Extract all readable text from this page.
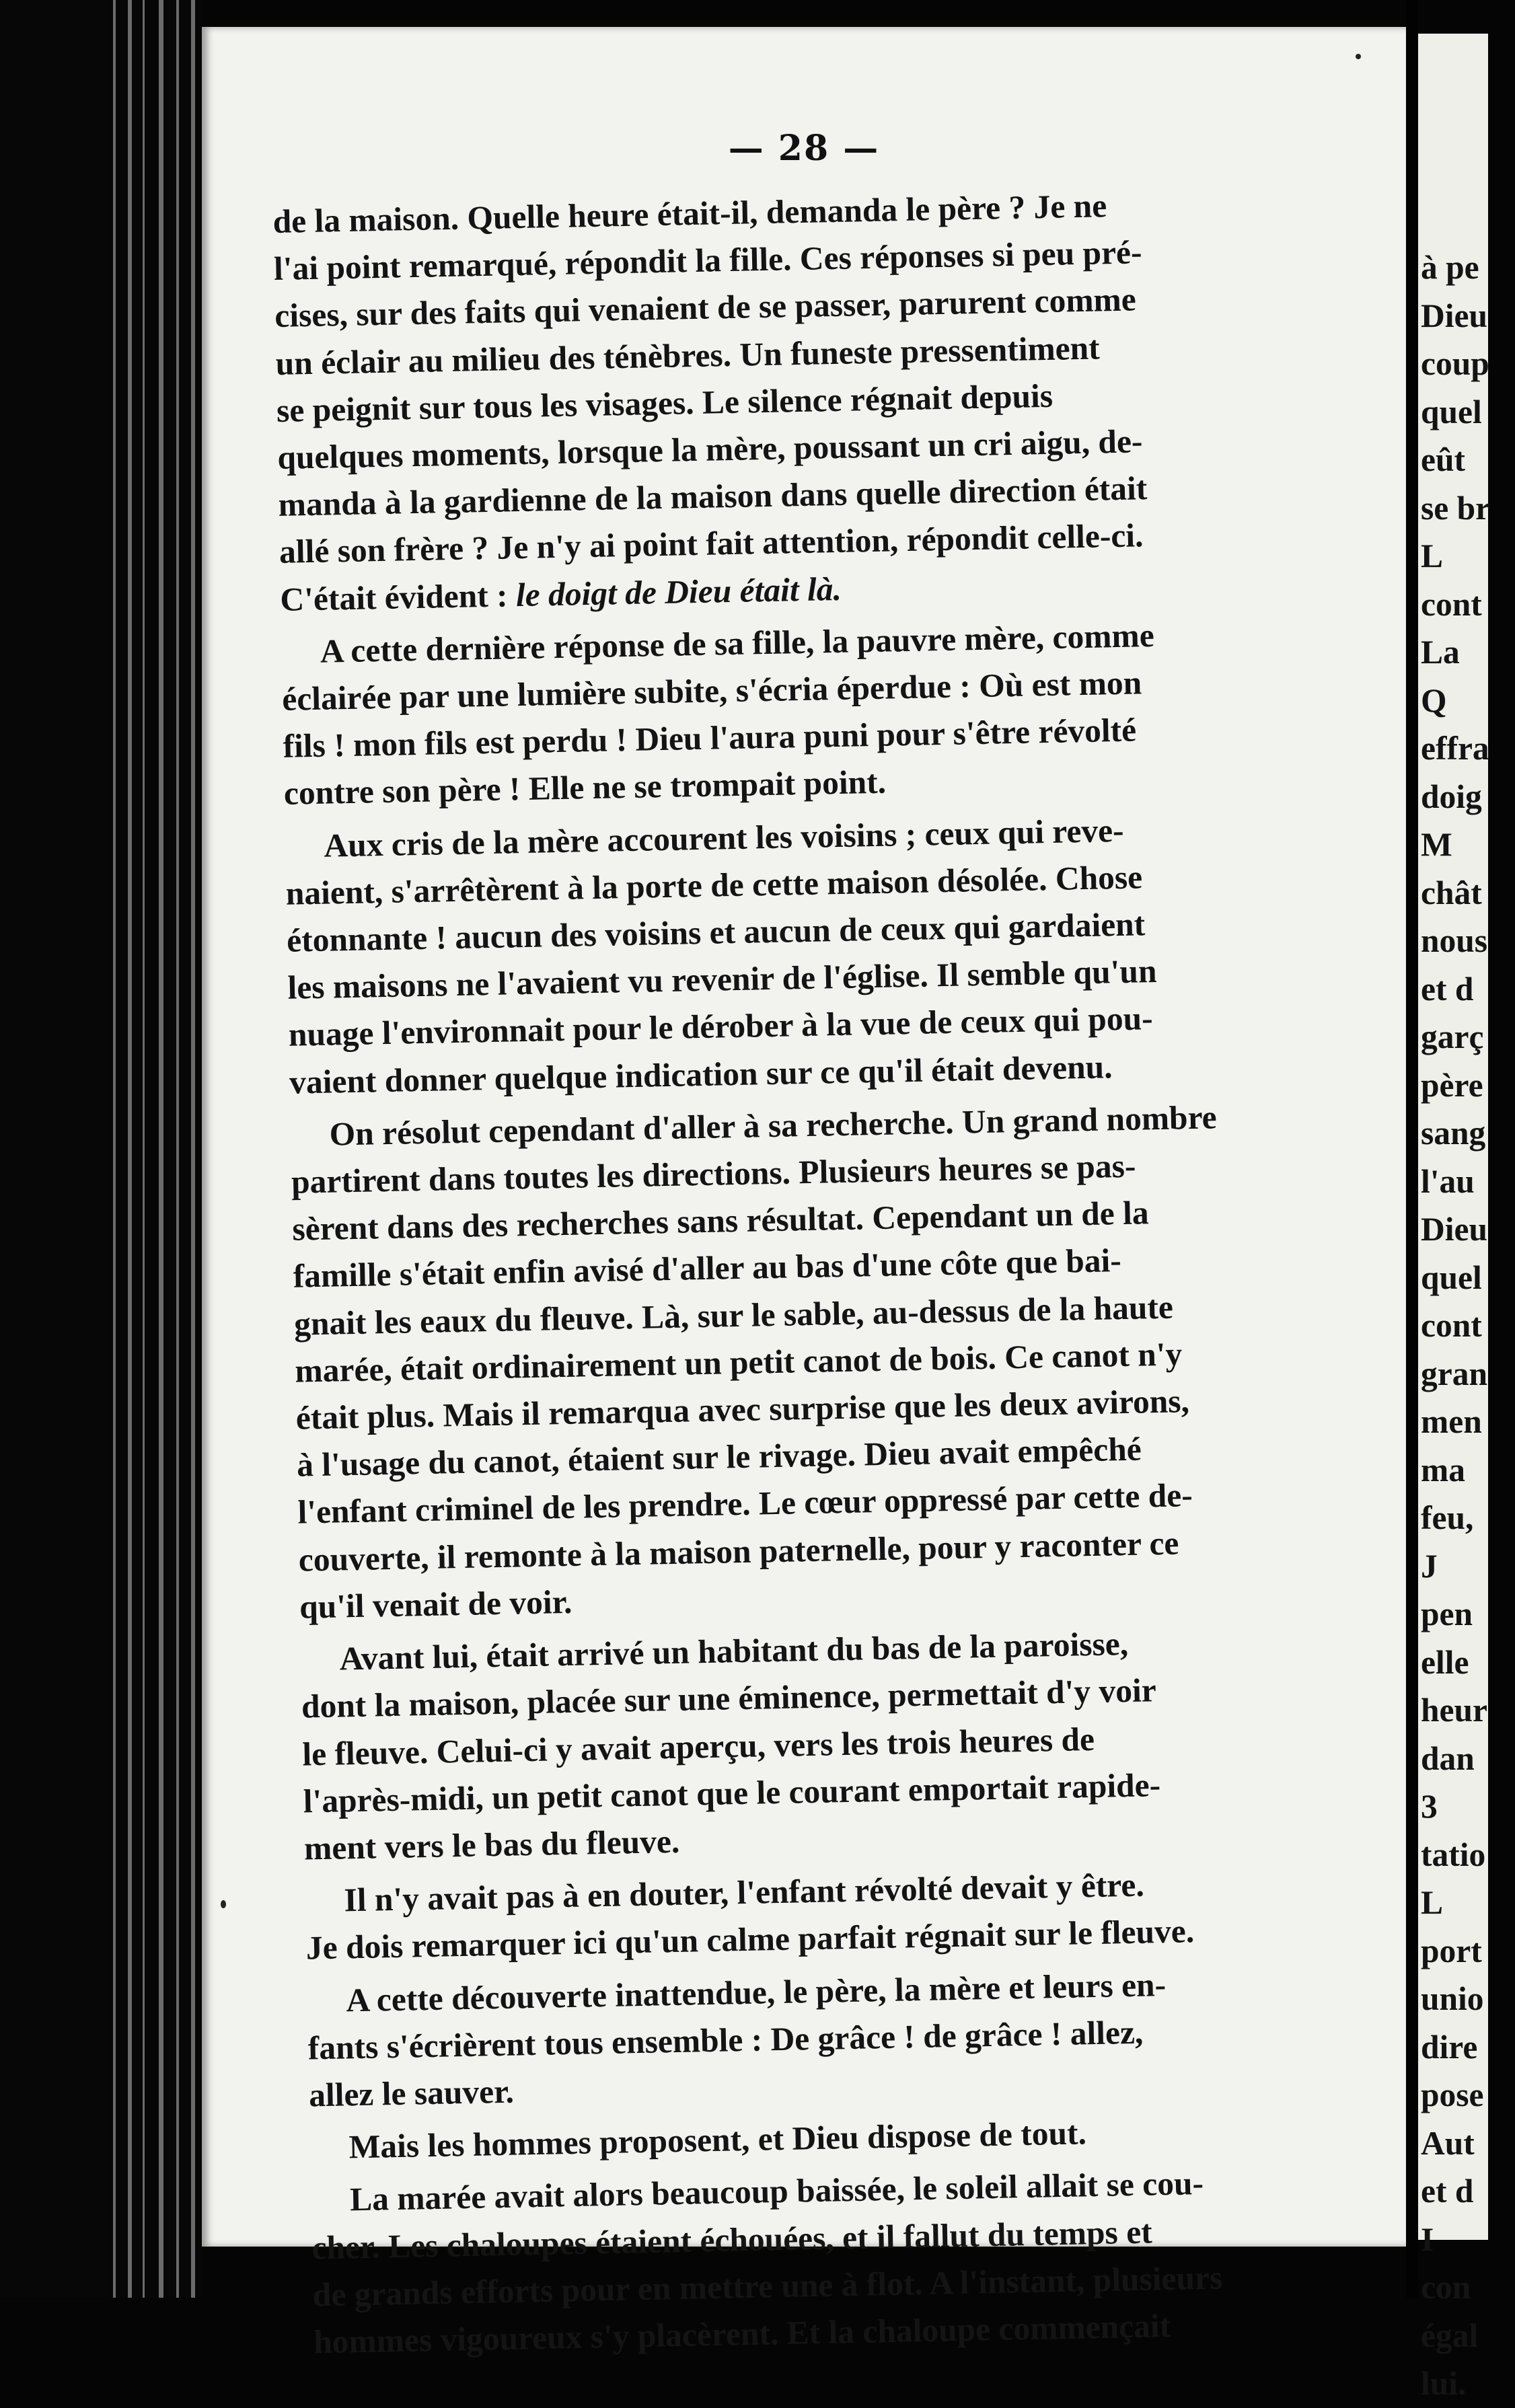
— 28 —
de la maison. Quelle heure était-il, demanda le père ? Je ne
l'ai point remarqué, répondit la fille. Ces réponses si peu pré-
cises, sur des faits qui venaient de se passer, parurent comme
un éclair au milieu des ténèbres. Un funeste pressentiment
se peignit sur tous les visages. Le silence régnait depuis
quelques moments, lorsque la mère, poussant un cri aigu, de-
manda à la gardienne de la maison dans quelle direction était
allé son frère ? Je n'y ai point fait attention, répondit celle-ci.
C'était évident : le doigt de Dieu était là.
A cette dernière réponse de sa fille, la pauvre mère, comme
éclairée par une lumière subite, s'écria éperdue : Où est mon
fils ! mon fils est perdu ! Dieu l'aura puni pour s'être révolté
contre son père ! Elle ne se trompait point.
Aux cris de la mère accourent les voisins ; ceux qui reve-
naient, s'arrêtèrent à la porte de cette maison désolée. Chose
étonnante ! aucun des voisins et aucun de ceux qui gardaient
les maisons ne l'avaient vu revenir de l'église. Il semble qu'un
nuage l'environnait pour le dérober à la vue de ceux qui pou-
vaient donner quelque indication sur ce qu'il était devenu.
On résolut cependant d'aller à sa recherche. Un grand nombre
partirent dans toutes les directions. Plusieurs heures se pas-
sèrent dans des recherches sans résultat. Cependant un de la
famille s'était enfin avisé d'aller au bas d'une côte que bai-
gnait les eaux du fleuve. Là, sur le sable, au-dessus de la haute
marée, était ordinairement un petit canot de bois. Ce canot n'y
était plus. Mais il remarqua avec surprise que les deux avirons,
à l'usage du canot, étaient sur le rivage. Dieu avait empêché
l'enfant criminel de les prendre. Le cœur oppressé par cette de-
couverte, il remonte à la maison paternelle, pour y raconter ce
qu'il venait de voir.
Avant lui, était arrivé un habitant du bas de la paroisse,
dont la maison, placée sur une éminence, permettait d'y voir
le fleuve. Celui-ci y avait aperçu, vers les trois heures de
l'après-midi, un petit canot que le courant emportait rapide-
ment vers le bas du fleuve.
Il n'y avait pas à en douter, l'enfant révolté devait y être.
Je dois remarquer ici qu'un calme parfait régnait sur le fleuve.
A cette découverte inattendue, le père, la mère et leurs en-
fants s'écrièrent tous ensemble : De grâce ! de grâce ! allez,
allez le sauver.
Mais les hommes proposent, et Dieu dispose de tout.
La marée avait alors beaucoup baissée, le soleil allait se cou-
cher. Les chaloupes étaient échouées, et il fallut du temps et
de grands efforts pour en mettre une à flot. A l'instant, plusieurs
hommes vigoureux s'y placèrent. Et la chaloupe commençait
à pe
Dieu
coup
quel
eût
se br
L
cont
La
Q
effra
doig
M
chât
nous
et d
garç
père
sang
l'au
Dieu
quel
cont
gran
men
ma
feu,
J
pen
elle
heur
dan
3
tatio
L
port
unio
dire
pose
Aut
et d
I
con
égal
lui.
